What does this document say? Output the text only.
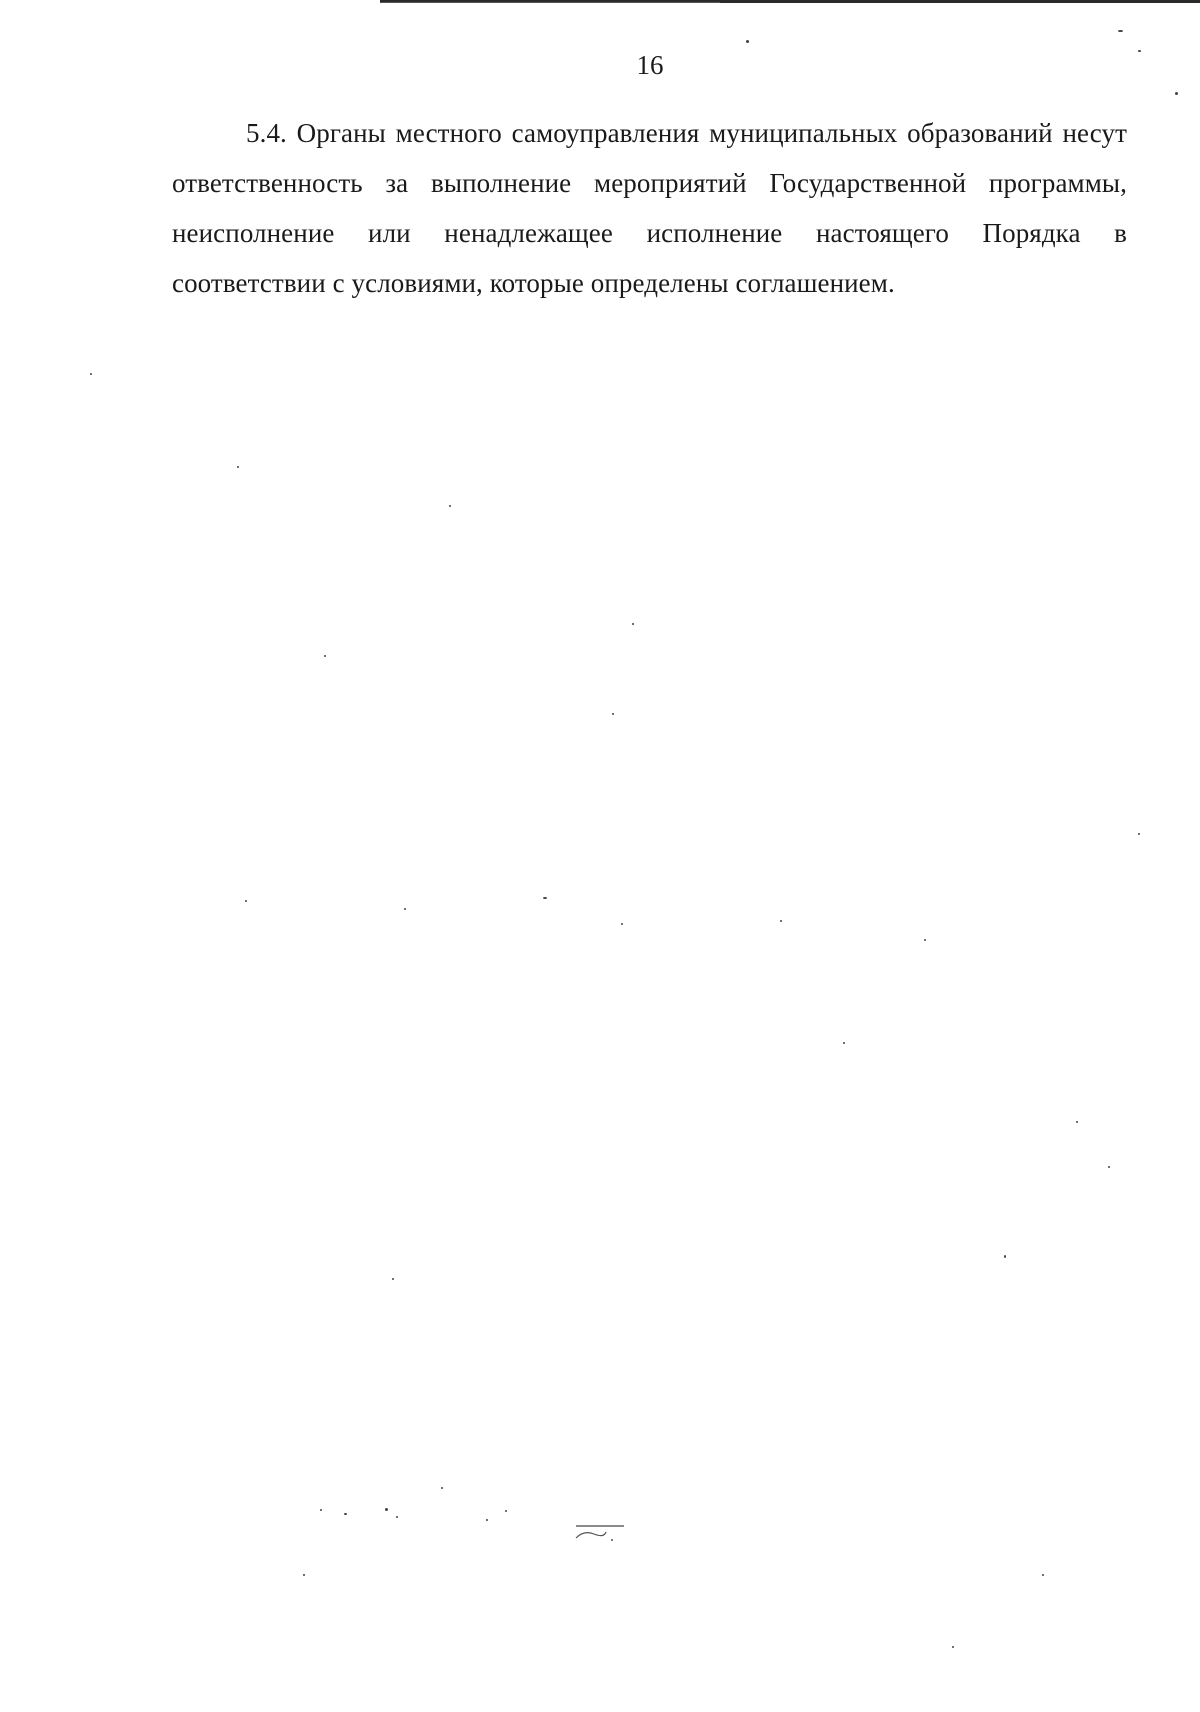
16

5.4. Органы местного самоуправления муниципальных образований несут ответственность за выполнение мероприятий Государственной программы, неисполнение или ненадлежащее исполнение настоящего Порядка в соответствии с условиями, которые определены соглашением.
